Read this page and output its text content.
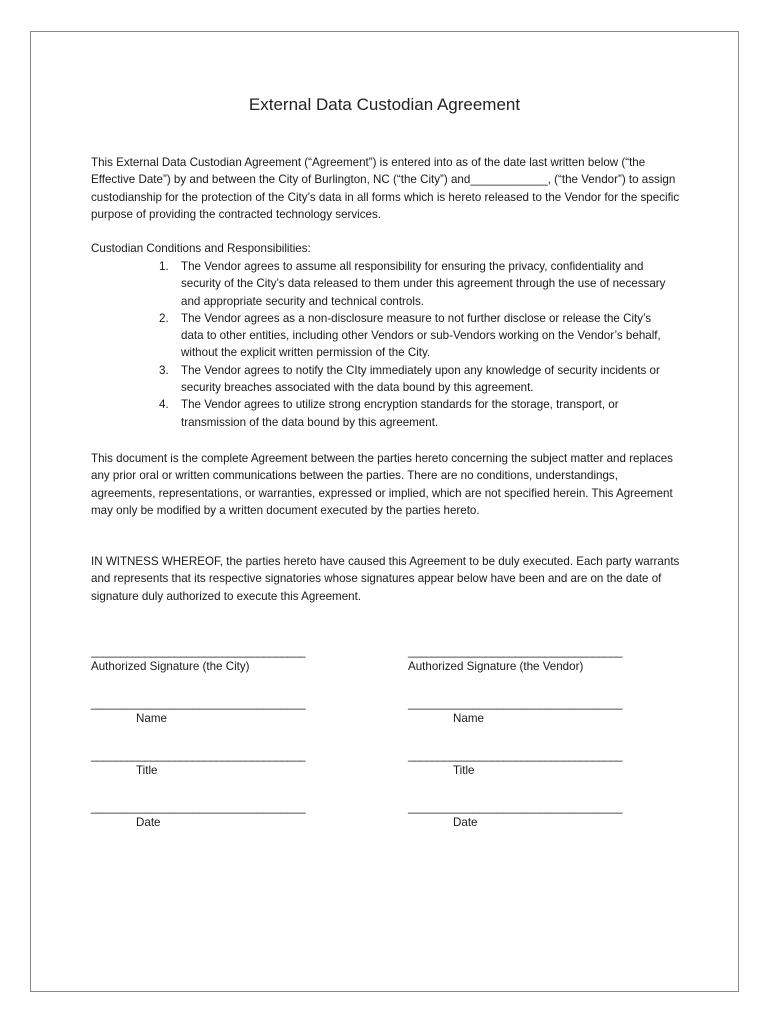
External Data Custodian Agreement
This External Data Custodian Agreement (“Agreement”) is entered into as of the date last written below (“the Effective Date”) by and between the City of Burlington, NC (“the City”) and____________, (“the Vendor”) to assign custodianship for the protection of the City’s data in all forms which is hereto released to the Vendor for the specific purpose of providing the contracted technology services.
Custodian Conditions and Responsibilities:
1. The Vendor agrees to assume all responsibility for ensuring the privacy, confidentiality and security of the City’s data released to them under this agreement through the use of necessary and appropriate security and technical controls.
2. The Vendor agrees as a non-disclosure measure to not further disclose or release the City’s data to other entities, including other Vendors or sub-Vendors working on the Vendor’s behalf, without the explicit written permission of the City.
3. The Vendor agrees to notify the CIty immediately upon any knowledge of security incidents or security breaches associated with the data bound by this agreement.
4. The Vendor agrees to utilize strong encryption standards for the storage, transport, or transmission of the data bound by this agreement.
This document is the complete Agreement between the parties hereto concerning the subject matter and replaces any prior oral or written communications between the parties. There are no conditions, understandings, agreements, representations, or warranties, expressed or implied, which are not specified herein. This Agreement may only be modified by a written document executed by the parties hereto.
IN WITNESS WHEREOF, the parties hereto have caused this Agreement to be duly executed. Each party warrants and represents that its respective signatories whose signatures appear below have been and are on the date of signature duly authorized to execute this Agreement.
____________________________________
Authorized Signature (the City)
____________________________________
Name
____________________________________
Title
____________________________________
Date
____________________________________
Authorized Signature (the Vendor)
____________________________________
Name
____________________________________
Title
____________________________________
Date
